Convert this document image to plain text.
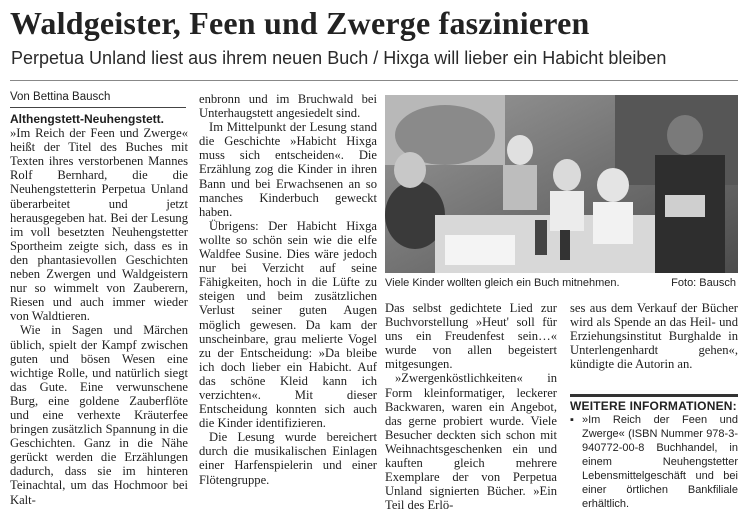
Waldgeister, Feen und Zwerge faszinieren
Perpetua Unland liest aus ihrem neuen Buch / Hixga will lieber ein Habicht bleiben
Von Bettina Bausch

Althengstett-Neuhengstett.
»Im Reich der Feen und Zwerge« heißt der Titel des Buches mit Texten ihres verstorbenen Mannes Rolf Bernhard, die die Neuhengstetterin Perpetua Unland überarbeitet und jetzt herausgegeben hat. Bei der Lesung im voll besetzten Neuhengstetter Sportheim zeigte sich, dass es in den phantasievollen Geschichten neben Zwergen und Waldgeistern nur so wimmelt von Zauberern, Riesen und auch immer wieder von Waldtieren.

Wie in Sagen und Märchen üblich, spielt der Kampf zwischen guten und bösen Wesen eine wichtige Rolle, und natürlich siegt das Gute. Eine verwunschene Burg, eine goldene Zauberflöte und eine verhexte Kräuterfee bringen zusätzlich Spannung in die Geschichten. Ganz in die Nähe gerückt werden die Erzählungen dadurch, dass sie im hinteren Teinachtal, um das Hochmoor bei Kalt-

enbronn und im Bruchwald bei Unterhaugstett angesiedelt sind.

Im Mittelpunkt der Lesung stand die Geschichte »Habicht Hixga muss sich entscheiden«. Die Erzählung zog die Kinder in ihren Bann und bei Erwachsenen an so manches Kinderbuch geweckt haben.

Übrigens: Der Habicht Hixga wollte so schön sein wie die elfe Waldfee Susine. Dies wäre jedoch nur bei Verzicht auf seine Fähigkeiten, hoch in die Lüfte zu steigen und beim zusätzlichen Verlust seiner guten Augen möglich gewesen. Da kam der unscheinbare, grau melierte Vogel zu der Entscheidung: »Da bleibe ich doch lieber ein Habicht. Auf das schöne Kleid kann ich verzichten«. Mit dieser Entscheidung konnten sich auch die Kinder identifizieren.

Die Lesung wurde bereichert durch die musikalischen Einlagen einer Harfenspielerin und einer Flötengruppe.

Viele Kinder wollten gleich ein Buch mitnehmen.	Foto: Bausch

Das selbst gedichtete Lied zur Buchvorstellung »Heut' soll für uns ein Freudenfest sein…« wurde von allen begeistert mitgesungen.

»Zwergenköstlichkeiten« in Form kleinformatiger, leckerer Backwaren, waren ein Angebot, das gerne probiert wurde. Viele Besucher deckten sich schon mit Weihnachtsgeschenken ein und kauften gleich mehrere Exemplare der von Perpetua Unland signierten Bücher. »Ein Teil des Erlö-

ses aus dem Verkauf der Bücher wird als Spende an das Heil- und Erziehungsinstitut Burghalde in Unterlengenhardt gehen«, kündigte die Autorin an.

WEITERE INFORMATIONEN:
▪ »Im Reich der Feen und Zwerge« (ISBN Nummer 978-3-940772-00-8 Buchhandel, in einem Neuhengstetter Lebensmittelgeschäft und bei einer örtlichen Bankfiliale erhältlich.
